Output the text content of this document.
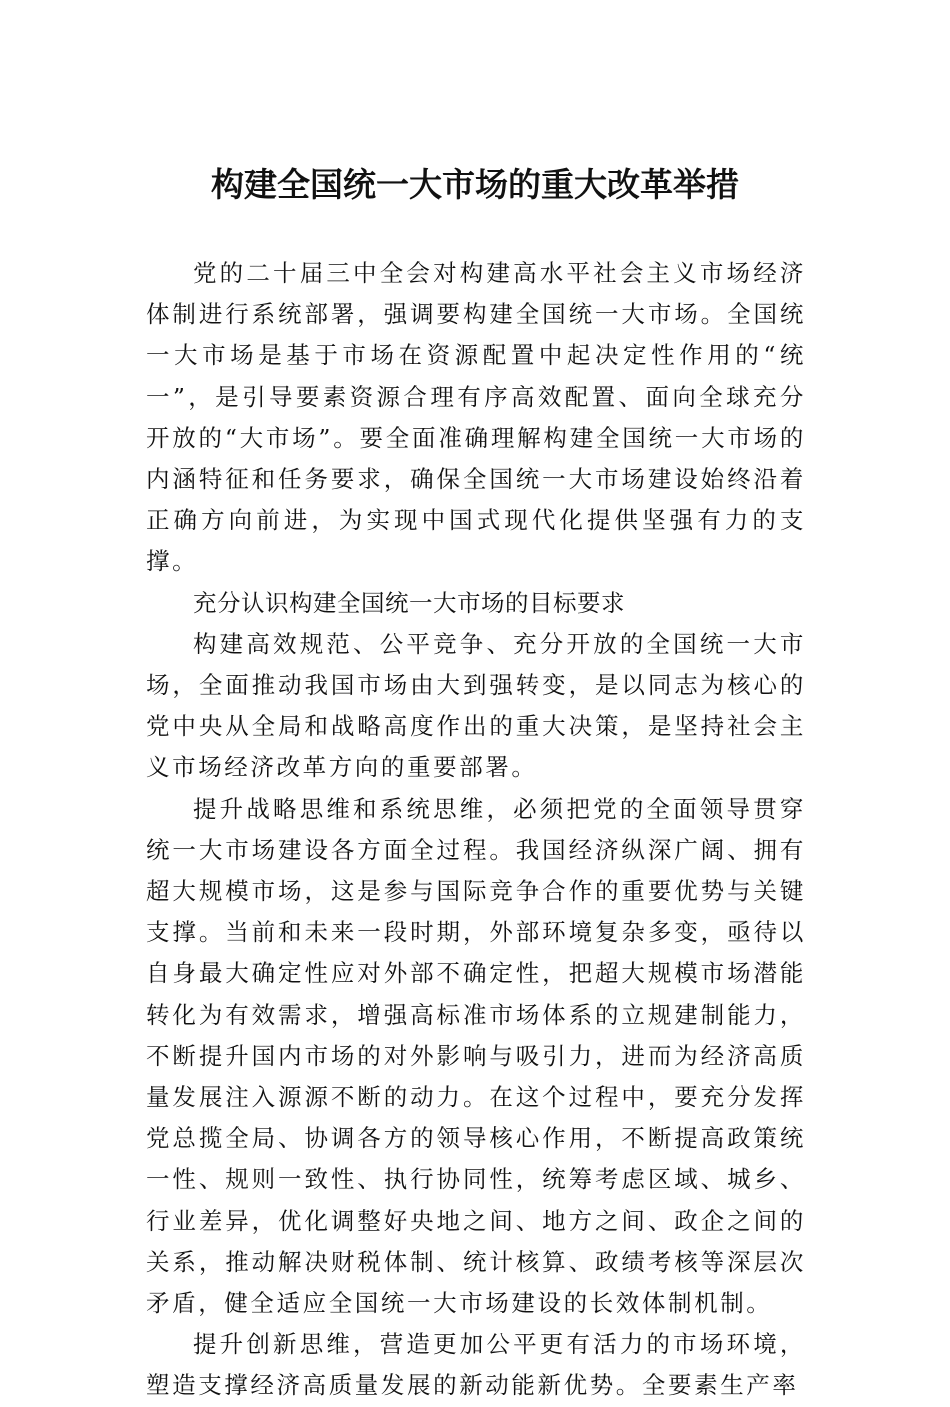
构建全国统一大市场的重大改革举措

党的二十届三中全会对构建高水平社会主义市场经济体制进行系统部署，强调要构建全国统一大市场。全国统一大市场是基于市场在资源配置中起决定性作用的“统一”，是引导要素资源合理有序高效配置、面向全球充分开放的“大市场”。要全面准确理解构建全国统一大市场的内涵特征和任务要求，确保全国统一大市场建设始终沿着正确方向前进，为实现中国式现代化提供坚强有力的支撑。

充分认识构建全国统一大市场的目标要求

构建高效规范、公平竞争、充分开放的全国统一大市场，全面推动我国市场由大到强转变，是以同志为核心的党中央从全局和战略高度作出的重大决策，是坚持社会主义市场经济改革方向的重要部署。

提升战略思维和系统思维，必须把党的全面领导贯穿统一大市场建设各方面全过程。我国经济纵深广阔、拥有超大规模市场，这是参与国际竞争合作的重要优势与关键支撑。当前和未来一段时期，外部环境复杂多变，亟待以自身最大确定性应对外部不确定性，把超大规模市场潜能转化为有效需求，增强高标准市场体系的立规建制能力，不断提升国内市场的对外影响与吸引力，进而为经济高质量发展注入源源不断的动力。在这个过程中，要充分发挥党总揽全局、协调各方的领导核心作用，不断提高政策统一性、规则一致性、执行协同性，统筹考虑区域、城乡、行业差异，优化调整好央地之间、地方之间、政企之间的关系，推动解决财税体制、统计核算、政绩考核等深层次矛盾，健全适应全国统一大市场建设的长效体制机制。

提升创新思维，营造更加公平更有活力的市场环境，塑造支撑经济高质量发展的新动能新优势。全要素生产率
